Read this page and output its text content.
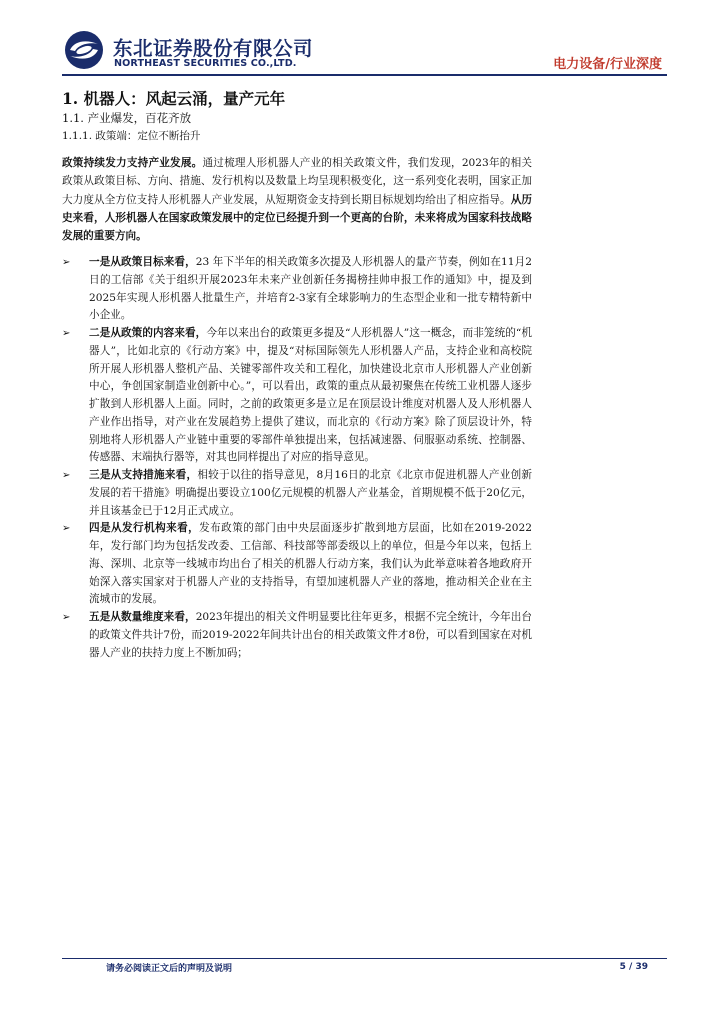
东北证券股份有限公司
NORTHEAST SECURITIES CO.,LTD.	电力设备/行业深度
1. 机器人：风起云涌，量产元年
1.1. 产业爆发，百花齐放
1.1.1. 政策端：定位不断抬升

政策持续发力支持产业发展。通过梳理人形机器人产业的相关政策文件，我们发现，2023年的相关政策从政策目标、方向、措施、发行机构以及数量上均呈现积极变化，这一系列变化表明，国家正加大力度从全方位支持人形机器人产业发展，从短期资金支持到长期目标规划均给出了相应指导。从历史来看，人形机器人在国家政策发展中的定位已经提升到一个更高的台阶，未来将成为国家科技战略发展的重要方向。

➢ 一是从政策目标来看，23 年下半年的相关政策多次提及人形机器人的量产节奏，例如在11月2日的工信部《关于组织开展2023年未来产业创新任务揭榜挂帅申报工作的通知》中，提及到2025年实现人形机器人批量生产，并培育2-3家有全球影响力的生态型企业和一批专精特新中小企业。
➢ 二是从政策的内容来看，今年以来出台的政策更多提及“人形机器人”这一概念，而非笼统的“机器人”，比如北京的《行动方案》中，提及“对标国际领先人形机器人产品，支持企业和高校院所开展人形机器人整机产品、关键零部件攻关和工程化，加快建设北京市人形机器人产业创新中心，争创国家制造业创新中心。”，可以看出，政策的重点从最初聚焦在传统工业机器人逐步扩散到人形机器人上面。同时，之前的政策更多是立足在顶层设计维度对机器人及人形机器人产业作出指导，对产业在发展趋势上提供了建议，而北京的《行动方案》除了顶层设计外，特别地将人形机器人产业链中重要的零部件单独提出来，包括减速器、伺服驱动系统、控制器、传感器、末端执行器等，对其也同样提出了对应的指导意见。
➢ 三是从支持措施来看，相较于以往的指导意见，8月16日的北京《北京市促进机器人产业创新发展的若干措施》明确提出要设立100亿元规模的机器人产业基金，首期规模不低于20亿元，并且该基金已于12月正式成立。
➢ 四是从发行机构来看，发布政策的部门由中央层面逐步扩散到地方层面，比如在2019-2022年，发行部门均为包括发改委、工信部、科技部等部委级以上的单位，但是今年以来，包括上海、深圳、北京等一线城市均出台了相关的机器人行动方案，我们认为此举意味着各地政府开始深入落实国家对于机器人产业的支持指导，有望加速机器人产业的落地，推动相关企业在主流城市的发展。
➢ 五是从数量维度来看，2023年提出的相关文件明显要比往年更多，根据不完全统计，今年出台的政策文件共计7份，而2019-2022年间共计出台的相关政策文件才8份，可以看到国家在对机器人产业的扶持力度上不断加码；
请务必阅读正文后的声明及说明	5 / 39
